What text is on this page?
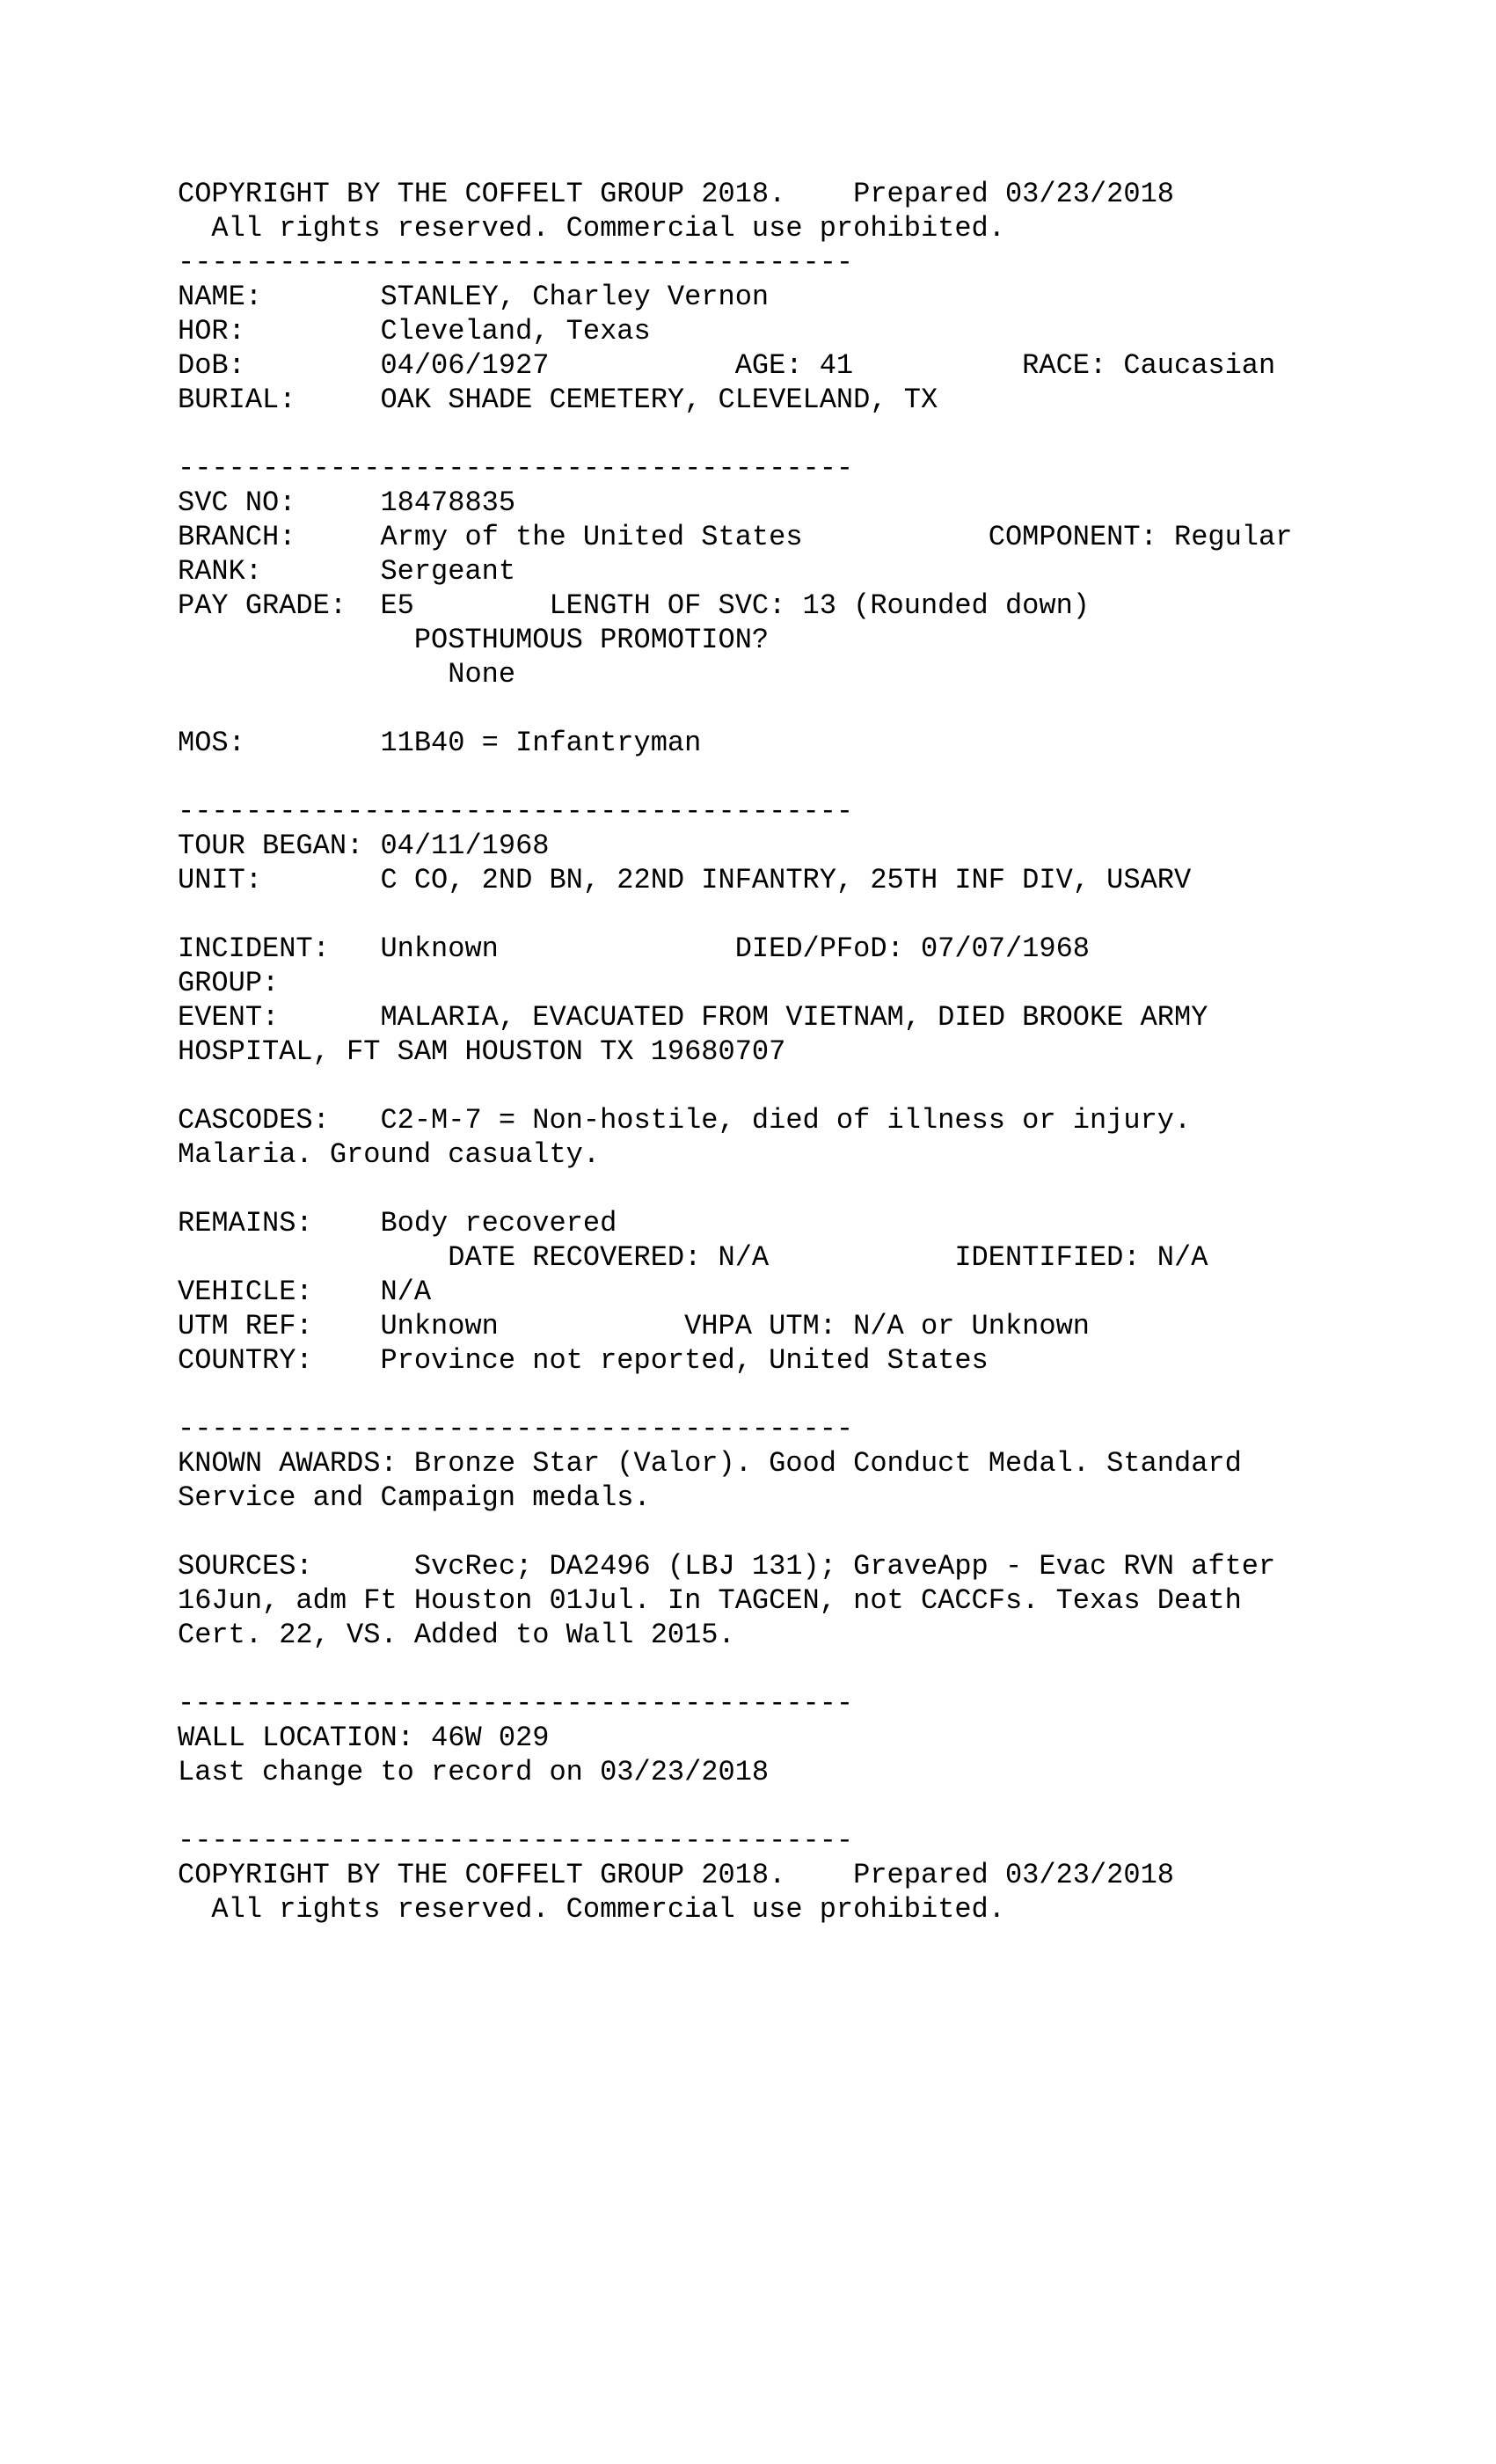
COPYRIGHT BY THE COFFELT GROUP 2018.    Prepared 03/23/2018
All rights reserved. Commercial use prohibited.
----------------------------------------
NAME:       STANLEY, Charley Vernon
HOR:        Cleveland, Texas
DoB:        04/06/1927           AGE: 41          RACE: Caucasian
BURIAL:     OAK SHADE CEMETERY, CLEVELAND, TX
----------------------------------------
SVC NO:     18478835
BRANCH:     Army of the United States           COMPONENT: Regular
RANK:       Sergeant
PAY GRADE:  E5        LENGTH OF SVC: 13 (Rounded down)
POSTHUMOUS PROMOTION?
None
MOS:        11B40 = Infantryman
----------------------------------------
TOUR BEGAN: 04/11/1968
UNIT:       C CO, 2ND BN, 22ND INFANTRY, 25TH INF DIV, USARV
INCIDENT:   Unknown              DIED/PFoD: 07/07/1968
GROUP:
EVENT:      MALARIA, EVACUATED FROM VIETNAM, DIED BROOKE ARMY
HOSPITAL, FT SAM HOUSTON TX 19680707
CASCODES:   C2-M-7 = Non-hostile, died of illness or injury.
Malaria. Ground casualty.
REMAINS:    Body recovered
DATE RECOVERED: N/A           IDENTIFIED: N/A
VEHICLE:    N/A
UTM REF:    Unknown           VHPA UTM: N/A or Unknown
COUNTRY:    Province not reported, United States
----------------------------------------
KNOWN AWARDS: Bronze Star (Valor). Good Conduct Medal. Standard
Service and Campaign medals.
SOURCES:      SvcRec; DA2496 (LBJ 131); GraveApp - Evac RVN after
16Jun, adm Ft Houston 01Jul. In TAGCEN, not CACCFs. Texas Death
Cert. 22, VS. Added to Wall 2015.
----------------------------------------
WALL LOCATION: 46W 029
Last change to record on 03/23/2018
----------------------------------------
COPYRIGHT BY THE COFFELT GROUP 2018.    Prepared 03/23/2018
All rights reserved. Commercial use prohibited.
